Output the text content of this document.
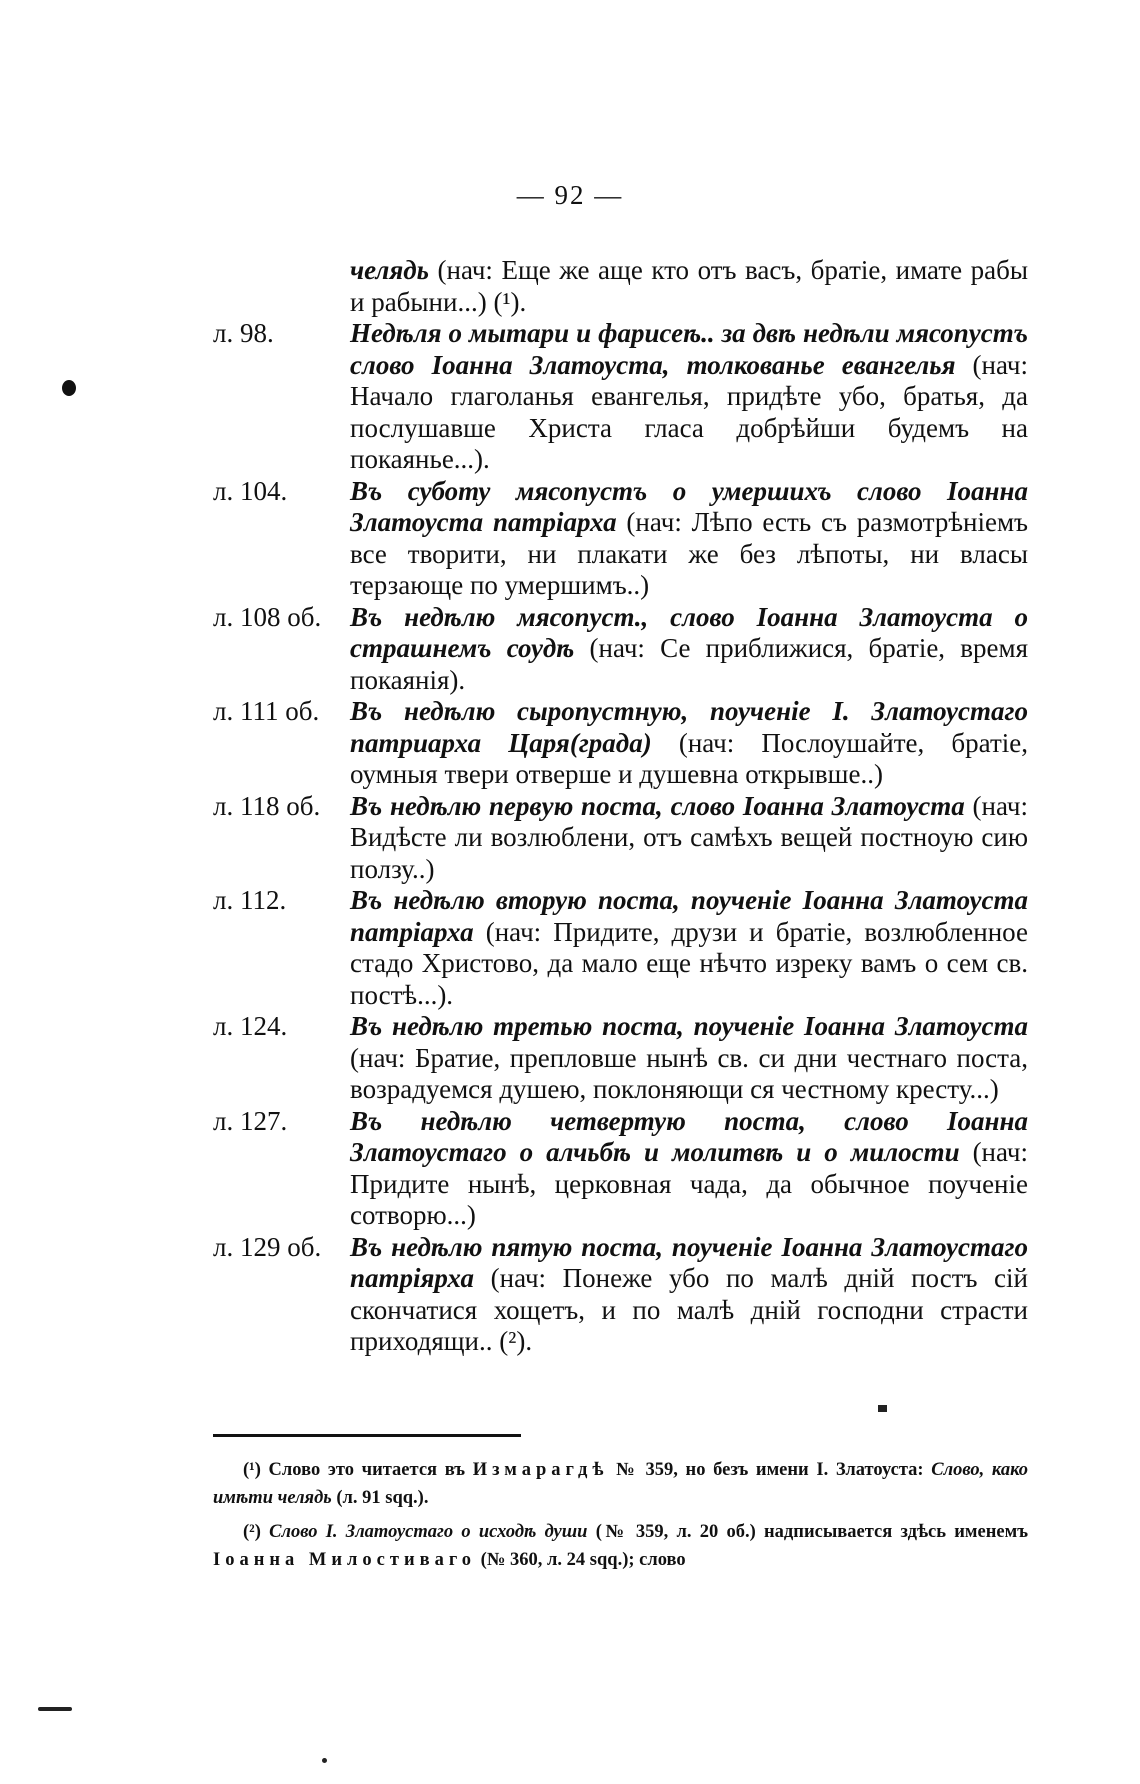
— 92 —
челядь (нач: Еще же аще кто отъ васъ, братіе, имате рабы и рабыни...) (¹).
л. 98.	Недѣля о мытари и фарисеѣ.. за двѣ недѣли мясопустъ слово Іоанна Златоуста, толкованье евангелья (нач: Начало глаголанья евангелья, придѣте убо, братья, да послушавше Христа гласа добрѣйши будемъ на покаянье...).
л. 104. Въ суботу мясопустъ о умершихъ слово Іоанна Златоуста патріарха (нач: Лѣпо есть съ размотрѣніемъ все творити, ни плакати же без лѣпоты, ни власы терзающе по умершимъ..)
л. 108 об. Въ недѣлю мясопуст., слово Іоанна Златоуста о страшнемъ соудѣ (нач: Се приближися, братіе, время покаянія).
л. 111 об. Въ недѣлю сыропустную, поученіе І. Златоустаго патриарха Царя(града) (нач: Послоушайте, братіе, оумныя твери отверше и душевна открывше..)
л. 118 об. Въ недѣлю первую поста, слово Іоанна Златоуста (нач: Видѣсте ли возлюблени, отъ самѣхъ вещей постноую сию ползу..)
л. 112. Въ недѣлю вторую поста, поученіе Іоанна Златоуста патріарха (нач: Придите, друзи и братіе, возлюбленное стадо Христово, да мало еще нѣчто изреку вамъ о сем св. постѣ...).
л. 124. Въ недѣлю третью поста, поученіе Іоанна Златоуста (нач: Братие, препловше нынѣ св. си дни честнаго поста, возрадуемся душею, поклоняющи ся честному кресту...)
л. 127. Въ недѣлю четвертую поста, слово Іоанна Златоустаго о алчьбѣ и молитвѣ и о милости (нач: Придите нынѣ, церковная чада, да обычное поученіе сотворю...)
л. 129 об. Въ недѣлю пятую поста, поученіе Іоанна Златоустаго патріярха (нач: Понеже убо по малѣ днiй постъ сiй скончатися хощетъ, и по малѣ днiй господни страсти приходящи.. (²).

(¹) Слово это читается въ Измарагдѣ № 359, но безъ имени І. Златоуста: Слово, како имѣти челядь (л. 91 sqq.).

(²) Слово І. Златоустаго о исходѣ души (№ 359, л. 20 об.) надписывается здѣсь именемъ Іоанна Милостиваго (№ 360, л. 24 sqq.); слово
